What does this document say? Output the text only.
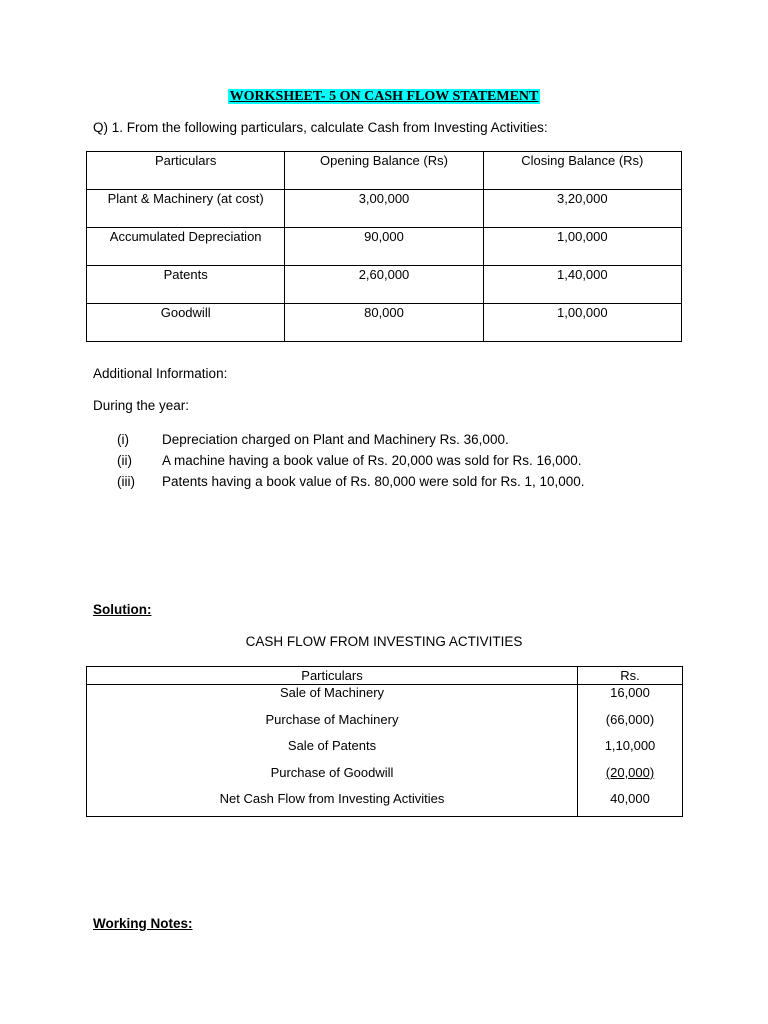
WORKSHEET- 5 ON CASH FLOW STATEMENT
Q) 1. From the following particulars, calculate Cash from Investing Activities:
Particulars	Opening Balance (Rs)	Closing Balance (Rs)
Plant & Machinery (at cost)	3,00,000	3,20,000
Accumulated Depreciation	90,000	1,00,000
Patents	2,60,000	1,40,000
Goodwill	80,000	1,00,000
Additional Information:
During the year:
(i)	Depreciation charged on Plant and Machinery Rs. 36,000.
(ii)	A machine having a book value of Rs. 20,000 was sold for Rs. 16,000.
(iii)	Patents having a book value of Rs. 80,000 were sold for Rs. 1, 10,000.
Solution:
CASH FLOW FROM INVESTING ACTIVITIES
Particulars	Rs.
Sale of Machinery	16,000
Purchase of Machinery	(66,000)
Sale of Patents	1,10,000
Purchase of Goodwill	(20,000)
Net Cash Flow from Investing Activities	40,000
Working Notes:
